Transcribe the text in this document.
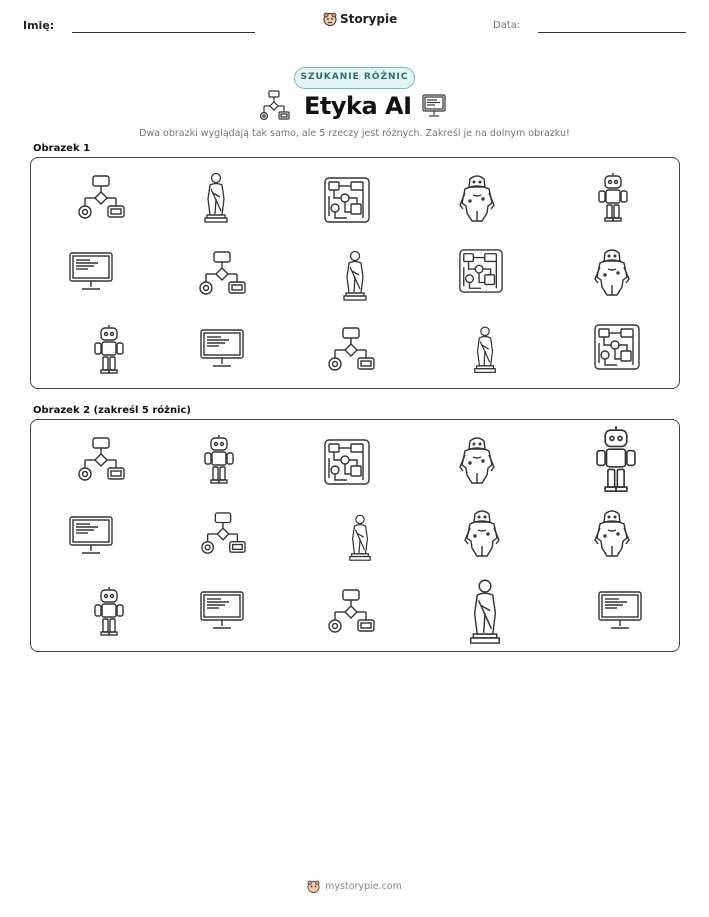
Imię:	Storypie	Data:
SZUKANIE RÓŻNIC
Etyka AI
Dwa obrazki wyglądają tak samo, ale 5 rzeczy jest różnych. Zakreśl je na dolnym obrazku!
Obrazek 1
Obrazek 2 (zakreśl 5 różnic)
mystorypie.com
